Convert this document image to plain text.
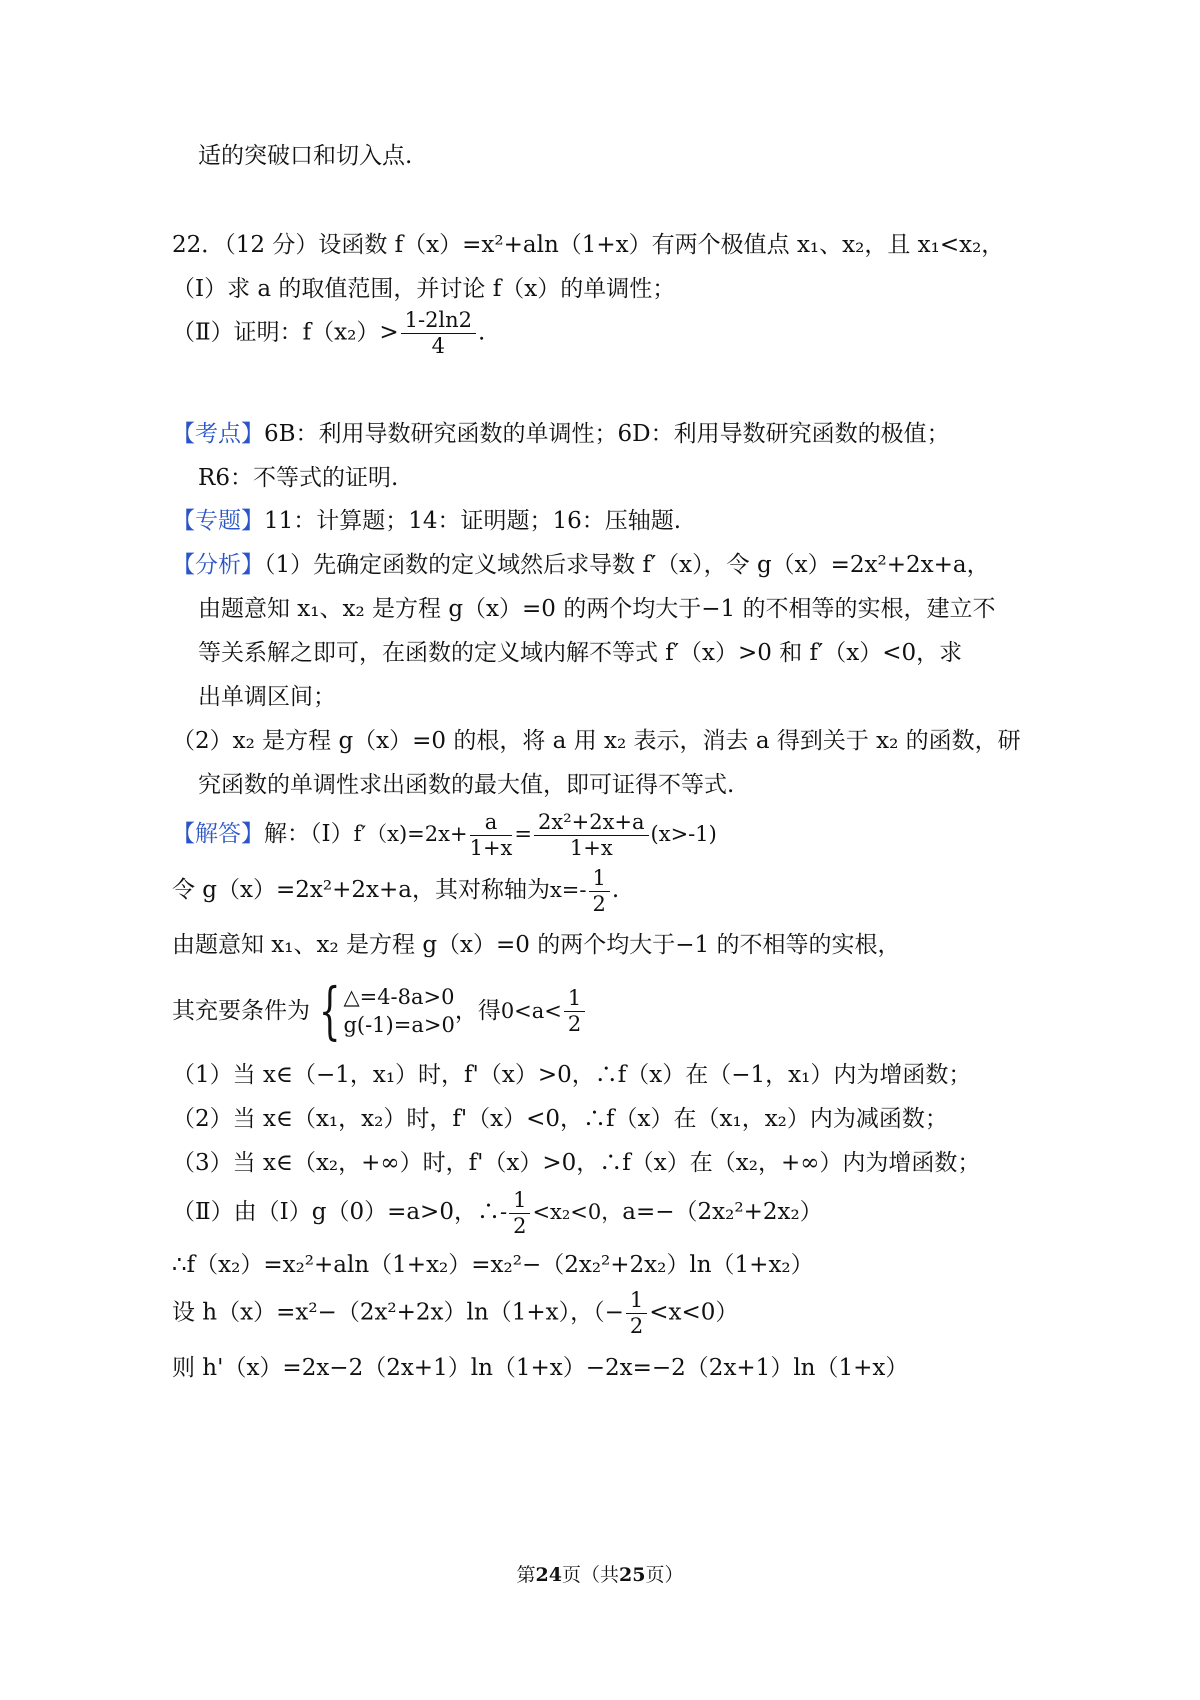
适的突破口和切入点.
22．（12 分）设函数 f（x）=x²+aln（1+x）有两个极值点 x₁、x₂，且 x₁<x₂，
（Ⅰ）求 a 的取值范围，并讨论 f（x）的单调性；
（Ⅱ）证明：$f(x_2)> \frac{1-2\ln 2}{4}$ .
【考点】6B：利用导数研究函数的单调性；6D：利用导数研究函数的极值；
R6：不等式的证明.
【专题】11：计算题；14：证明题；16：压轴题.
【分析】（1）先确定函数的定义域然后求导数 f′（x），令 g（x）=2x²+2x+a，
由题意知 x₁、x₂ 是方程 g（x）=0 的两个均大于−1 的不相等的实根，建立不
等关系解之即可，在函数的定义域内解不等式 f′（x）>0 和 f′（x）<0，求
出单调区间；
（2）x₂ 是方程 g（x）=0 的根，将 a 用 x₂ 表示，消去 a 得到关于 x₂ 的函数，研
究函数的单调性求出函数的最大值，即可证得不等式.
【解答】解：（Ⅰ）f′（x)=2x+ $\frac{a}{1+x} = \frac{\text{2x²+2x+a}}{1+x} (x>-1)$
令 g（x）=2x²+2x+a，其对称轴为$x=- \frac{1}{2}$ .
由题意知 x₁、x₂ 是方程 g（x）=0 的两个均大于−1 的不相等的实根，
其充要条件为 { △=4-8a>0
g(-1)=a>0
，得$0<a< \frac{1}{2}$
（1）当 x∈（−1，x₁）时，f'（x）>0，∴f（x）在（−1，x₁）内为增函数；
（2）当 x∈（x₁，x₂）时，f'（x）<0，∴f（x）在（x₁，x₂）内为减函数；
（3）当 x∈（x₂，+∞）时，f'（x）>0，∴f（x）在（x₂，+∞）内为增函数；
（Ⅱ）由（Ⅰ）g（0）=a>0，∴- $\frac{1}{2} <x_2<0$，a=−（2x₂²+2x₂）
∴f（x₂）=x₂²+aln（1+x₂）=x₂²−（2x₂²+2x₂）ln（1+x₂）
设 h（x）=x²−（2x²+2x）ln（1+x），（− $\frac{1}{2} <x<0$）
则 h'（x）=2x−2（2x+1）ln（1+x）−2x=−2（2x+1）ln（1+x）
第24页（共25页）
